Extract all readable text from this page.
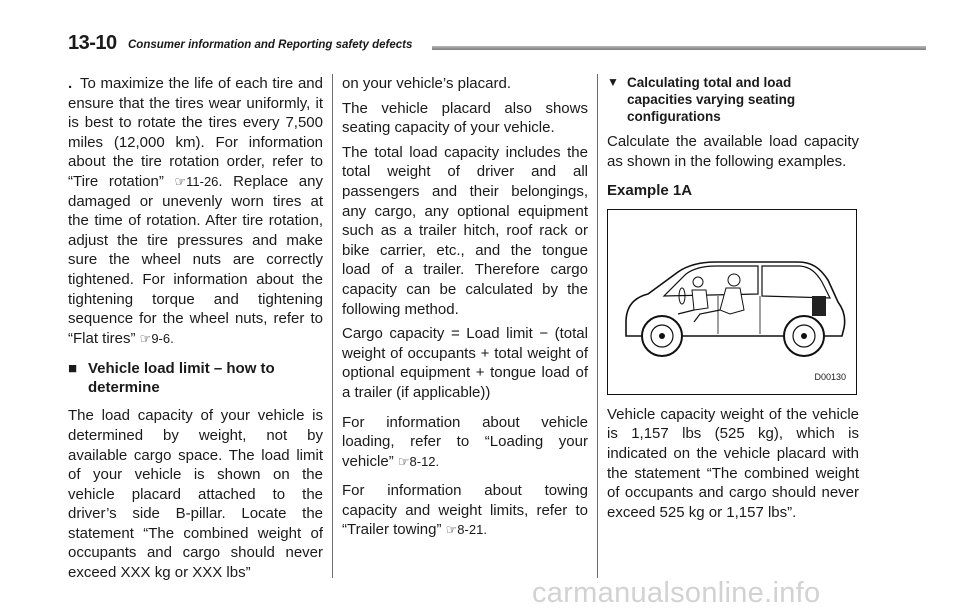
13-10 Consumer information and Reporting safety defects

. To maximize the life of each tire and ensure that the tires wear uniformly, it is best to rotate the tires every 7,500 miles (12,000 km). For information about the tire rotation order, refer to “Tire rotation” ☞11-26. Replace any damaged or unevenly worn tires at the time of rotation. After tire rotation, adjust the tire pressures and make sure the wheel nuts are correctly tightened. For information about the tightening torque and tightening sequence for the wheel nuts, refer to “Flat tires” ☞9-6.

■ Vehicle load limit – how to determine

The load capacity of your vehicle is determined by weight, not by available cargo space. The load limit of your vehicle is shown on the vehicle placard attached to the driver’s side B-pillar. Locate the statement “The combined weight of occupants and cargo should never exceed XXX kg or XXX lbs”

on your vehicle’s placard.

The vehicle placard also shows seating capacity of your vehicle.

The total load capacity includes the total weight of driver and all passengers and their belongings, any cargo, any optional equipment such as a trailer hitch, roof rack or bike carrier, etc., and the tongue load of a trailer. Therefore cargo capacity can be calculated by the following method.

Cargo capacity = Load limit − (total weight of occupants + total weight of optional equipment + tongue load of a trailer (if applicable))

For information about vehicle loading, refer to “Loading your vehicle” ☞8-12.

For information about towing capacity and weight limits, refer to “Trailer towing” ☞8-21.

▼ Calculating total and load capacities varying seating configurations

Calculate the available load capacity as shown in the following examples.

Example 1A

D00130

Vehicle capacity weight of the vehicle is 1,157 lbs (525 kg), which is indicated on the vehicle placard with the statement “The combined weight of occupants and cargo should never exceed 525 kg or 1,157 lbs”.

carmanualsonline.info
